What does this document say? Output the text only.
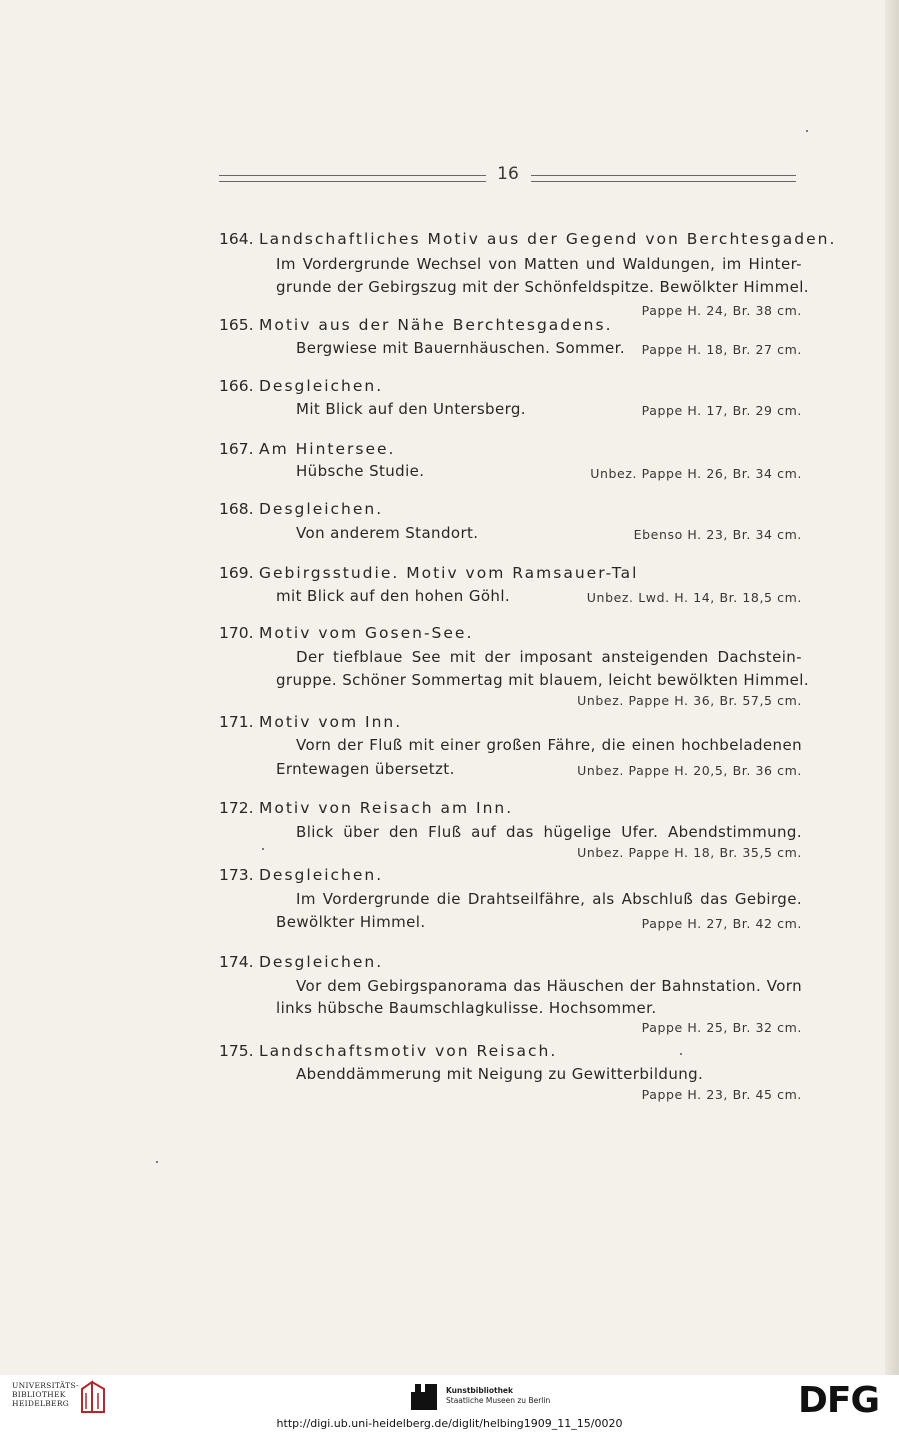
16
164. Landschaftliches Motiv aus der Gegend von Berchtesgaden.
Im Vordergrunde Wechsel von Matten und Waldungen, im Hinter-
grunde der Gebirgszug mit der Schönfeldspitze. Bewölkter Himmel.
Pappe H. 24, Br. 38 cm.
165. Motiv aus der Nähe Berchtesgadens.
Bergwiese mit Bauernhäuschen. Sommer. Pappe H. 18, Br. 27 cm.
166. Desgleichen.
Mit Blick auf den Untersberg.	Pappe H. 17, Br. 29 cm.
167. Am Hintersee.
Hübsche Studie.	Unbez. Pappe H. 26, Br. 34 cm.
168. Desgleichen.
Von anderem Standort.	Ebenso H. 23, Br. 34 cm.
169. Gebirgsstudie. Motiv vom Ramsauer-Tal
mit Blick auf den hohen Göhl.	Unbez. Lwd. H. 14, Br. 18,5 cm.
170. Motiv vom Gosen-See.
Der tiefblaue See mit der imposant ansteigenden Dachstein-
gruppe. Schöner Sommertag mit blauem, leicht bewölkten Himmel.
Unbez. Pappe H. 36, Br. 57,5 cm.
171. Motiv vom Inn.
Vorn der Fluß mit einer großen Fähre, die einen hochbeladenen
Erntewagen übersetzt.	Unbez. Pappe H. 20,5, Br. 36 cm.
172. Motiv von Reisach am Inn.
Blick über den Fluß auf das hügelige Ufer. Abendstimmung.
Unbez. Pappe H. 18, Br. 35,5 cm.
173. Desgleichen.
Im Vordergrunde die Drahtseilfähre, als Abschluß das Gebirge.
Bewölkter Himmel.	Pappe H. 27, Br. 42 cm.
174. Desgleichen.
Vor dem Gebirgspanorama das Häuschen der Bahnstation. Vorn
links hübsche Baumschlagkulisse. Hochsommer.
Pappe H. 25, Br. 32 cm.
175. Landschaftsmotiv von Reisach.
Abenddämmerung mit Neigung zu Gewitterbildung.
Pappe H. 23, Br. 45 cm.
UNIVERSITÄTS-
BIBLIOTHEK
HEIDELBERG
Kunstbibliothek
Staatliche Museen zu Berlin	DFG
http://digi.ub.uni-heidelberg.de/diglit/helbing1909_11_15/0020
